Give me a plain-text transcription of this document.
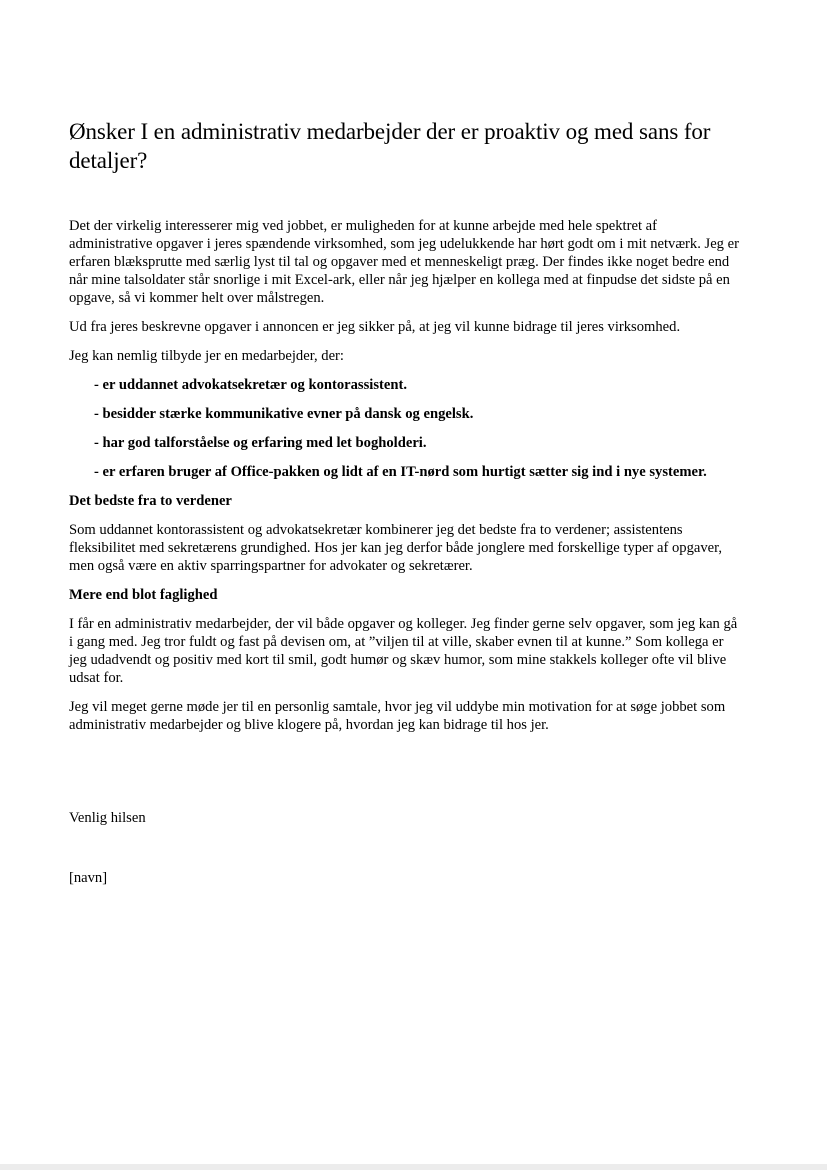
Ønsker I en administrativ medarbejder der er proaktiv og med sans for detaljer?

Det der virkelig interesserer mig ved jobbet, er muligheden for at kunne arbejde med hele spektret af administrative opgaver i jeres spændende virksomhed, som jeg udelukkende har hørt godt om i mit netværk. Jeg er erfaren blæksprutte med særlig lyst til tal og opgaver med et menneskeligt præg. Der findes ikke noget bedre end når mine talsoldater står snorlige i mit Excel-ark, eller når jeg hjælper en kollega med at finpudse det sidste på en opgave, så vi kommer helt over målstregen.

Ud fra jeres beskrevne opgaver i annoncen er jeg sikker på, at jeg vil kunne bidrage til jeres virksomhed.

Jeg kan nemlig tilbyde jer en medarbejder, der:

- er uddannet advokatsekretær og kontorassistent.
- besidder stærke kommunikative evner på dansk og engelsk.
- har god talforståelse og erfaring med let bogholderi.
- er erfaren bruger af Office-pakken og lidt af en IT-nørd som hurtigt sætter sig ind i nye systemer.

Det bedste fra to verdener

Som uddannet kontorassistent og advokatsekretær kombinerer jeg det bedste fra to verdener; assistentens fleksibilitet med sekretærens grundighed. Hos jer kan jeg derfor både jonglere med forskellige typer af opgaver, men også være en aktiv sparringspartner for advokater og sekretærer.

Mere end blot faglighed

I får en administrativ medarbejder, der vil både opgaver og kolleger. Jeg finder gerne selv opgaver, som jeg kan gå i gang med. Jeg tror fuldt og fast på devisen om, at ”viljen til at ville, skaber evnen til at kunne.” Som kollega er jeg udadvendt og positiv med kort til smil, godt humør og skæv humor, som mine stakkels kolleger ofte vil blive udsat for.

Jeg vil meget gerne møde jer til en personlig samtale, hvor jeg vil uddybe min motivation for at søge jobbet som administrativ medarbejder og blive klogere på, hvordan jeg kan bidrage til hos jer.

Venlig hilsen
[navn]
